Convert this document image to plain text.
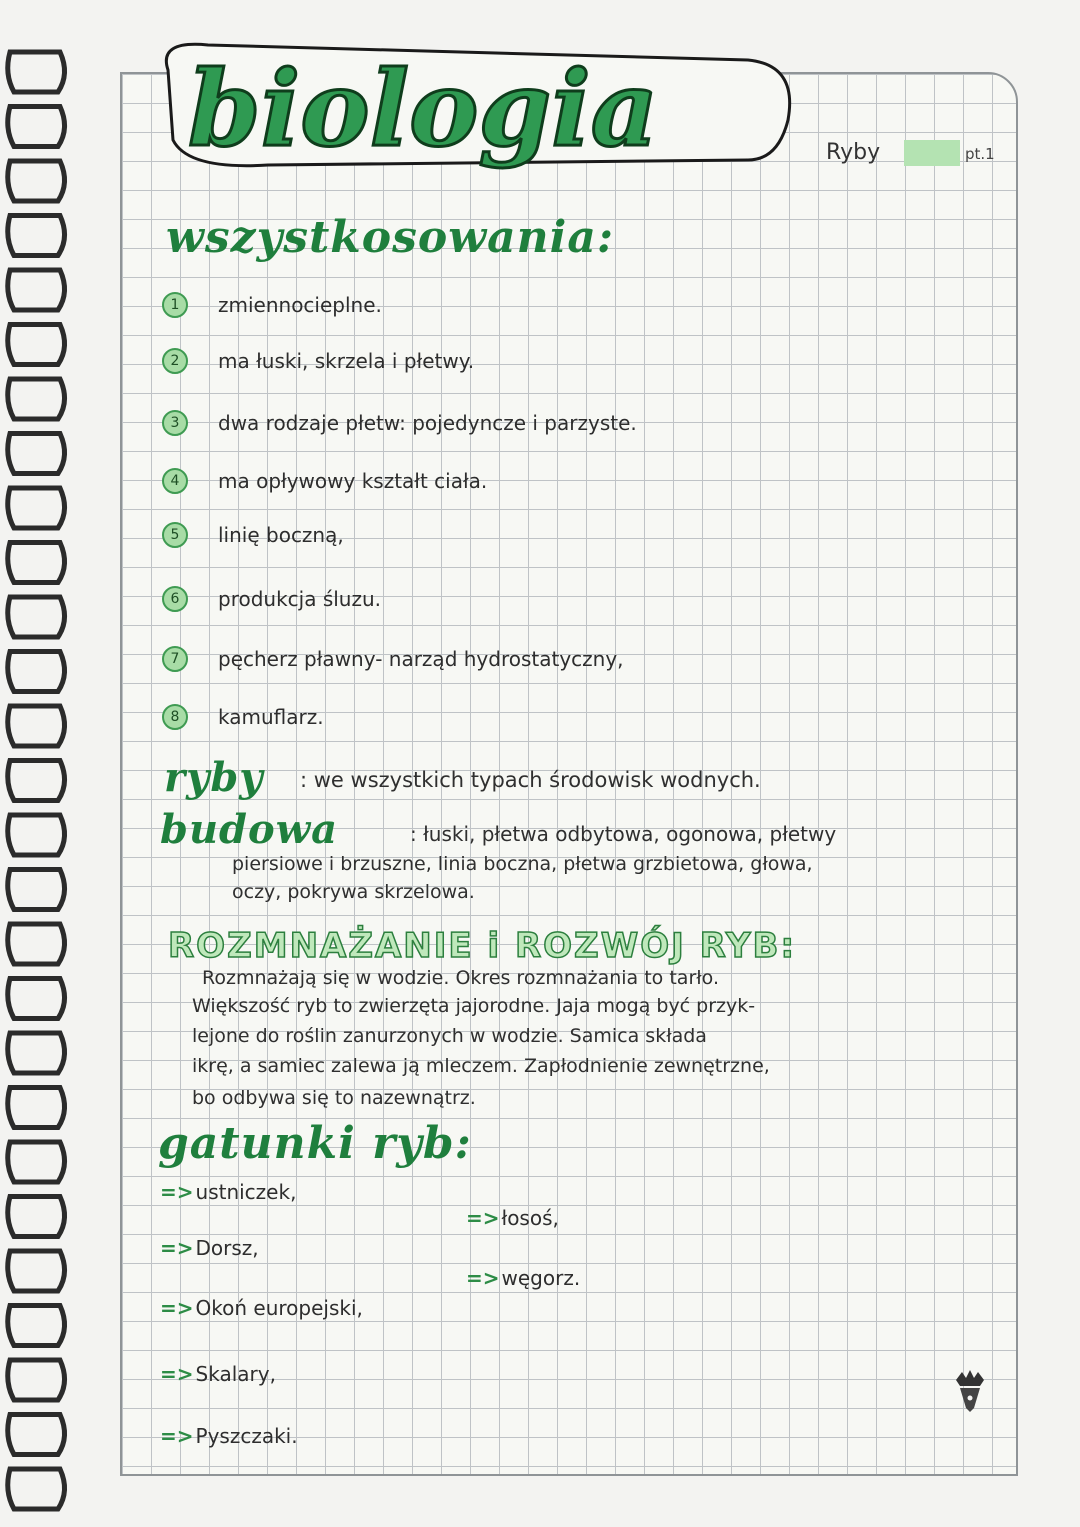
biologia	Ryby	pt.1
wszystkosowania:
1	zmiennocieplne.
2	ma łuski, skrzela i płetwy.
3	dwa rodzaje płetw: pojedyncze i parzyste.
4	ma opływowy kształt ciała.
5	linię boczną,
6	produkcja śluzu.
7	pęcherz pławny- narząd hydrostatyczny,
8	kamuflarz.
ryby : we wszystkich typach środowisk wodnych.
budowa	: łuski, płetwa odbytowa, ogonowa, płetwy
piersiowe i brzuszne, linia boczna, płetwa grzbietowa, głowa,
oczy, pokrywa skrzelowa.
ROZMNAŻANIE i ROZWÓJ RYB:
Rozmnażają się w wodzie. Okres rozmnażania to tarło.
Większość ryb to zwierzęta jajorodne. Jaja mogą być przyk-
lejone do roślin zanurzonych w wodzie. Samica składa
ikrę, a samiec zalewa ją mleczem. Zapłodnienie zewnętrzne,
bo odbywa się to nazewnątrz.
gatunki ryb:
=> ustniczek,
=> Dorsz,
=> Okoń europejski,
=> Skalary,
=> Pyszczaki.
=> łosoś,
=> węgorz.
